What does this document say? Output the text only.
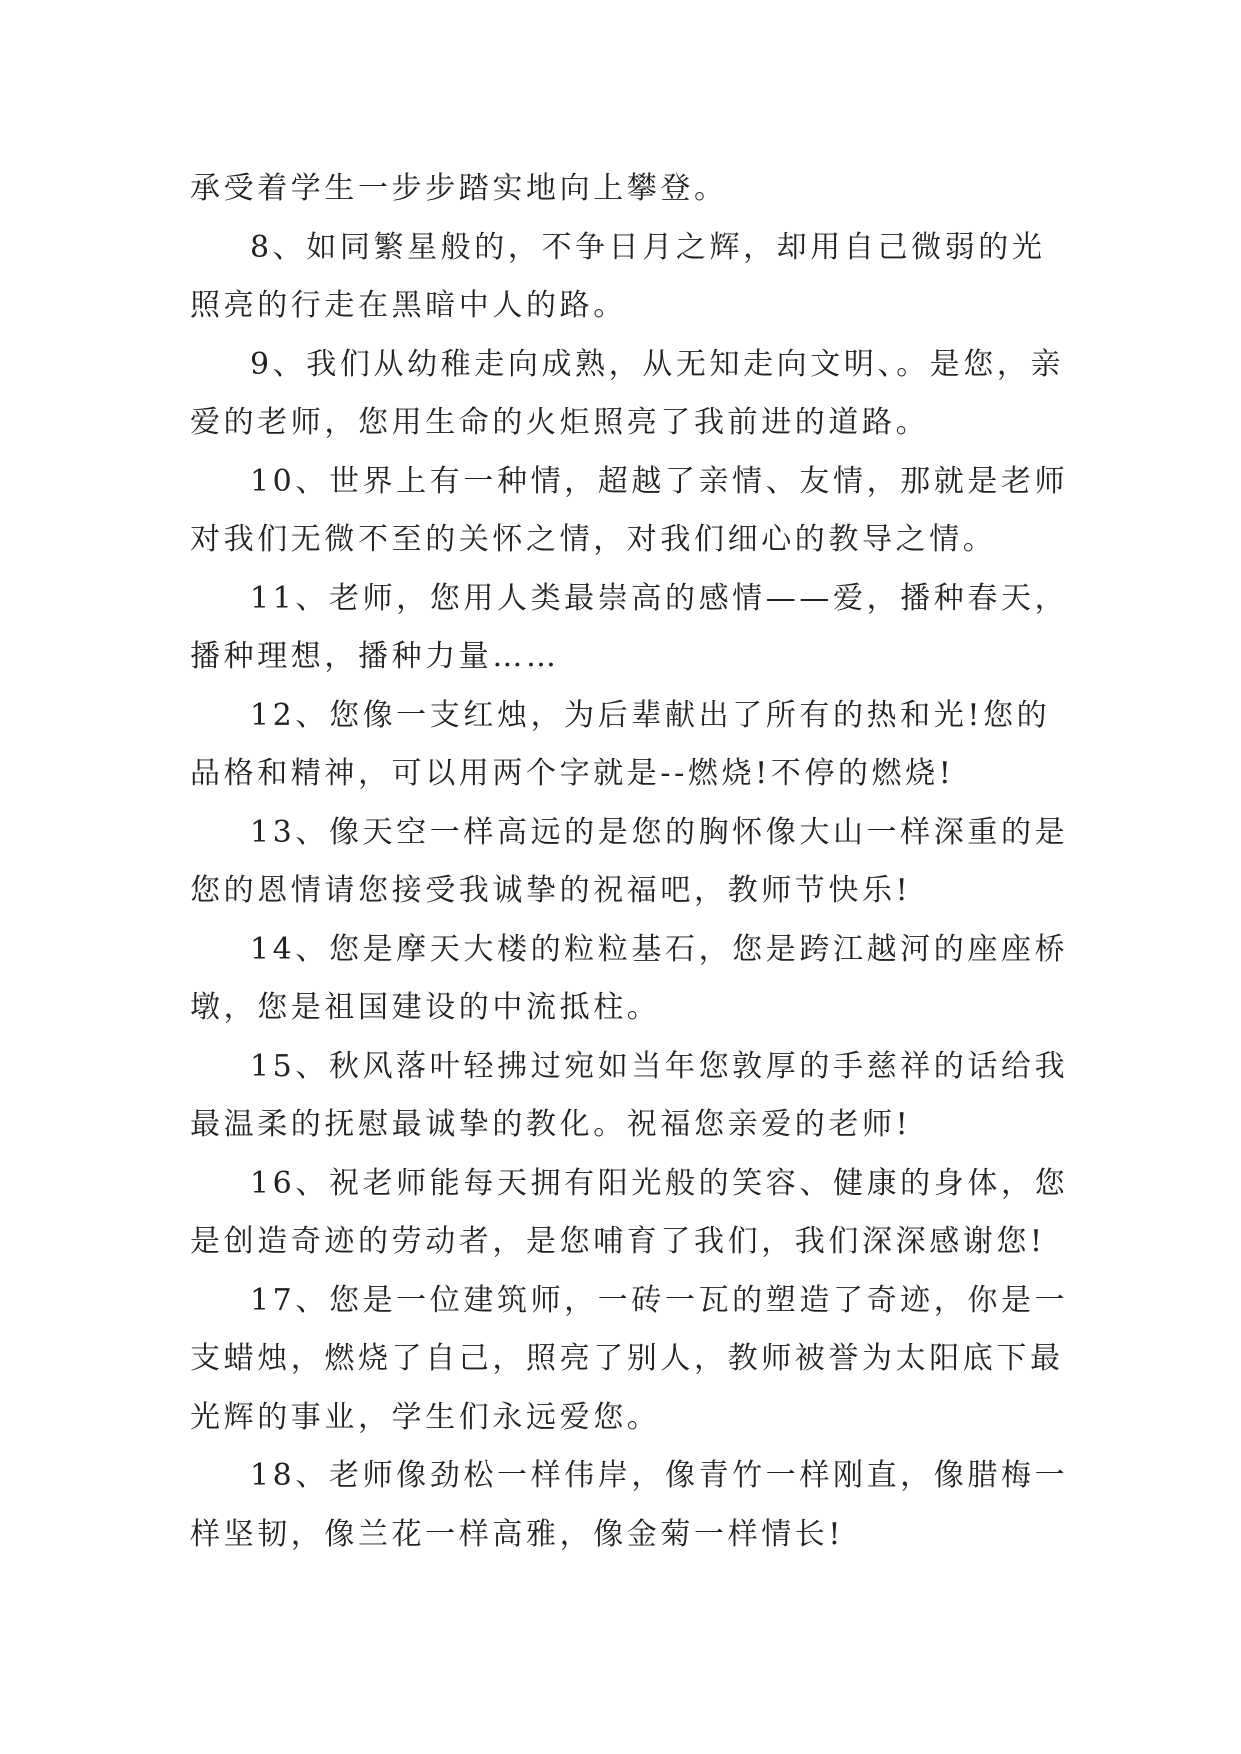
承受着学生一步步踏实地向上攀登。
8、如同繁星般的，不争日月之辉，却用自己微弱的光
照亮的行走在黑暗中人的路。
9、我们从幼稚走向成熟，从无知走向文明、。是您，亲
爱的老师，您用生命的火炬照亮了我前进的道路。
10、世界上有一种情，超越了亲情、友情，那就是老师
对我们无微不至的关怀之情，对我们细心的教导之情。
11、老师，您用人类最崇高的感情——爱，播种春天，
播种理想，播种力量……
12、您像一支红烛，为后辈献出了所有的热和光!您的
品格和精神，可以用两个字就是--燃烧!不停的燃烧!
13、像天空一样高远的是您的胸怀像大山一样深重的是
您的恩情请您接受我诚挚的祝福吧，教师节快乐!
14、您是摩天大楼的粒粒基石，您是跨江越河的座座桥
墩，您是祖国建设的中流抵柱。
15、秋风落叶轻拂过宛如当年您敦厚的手慈祥的话给我
最温柔的抚慰最诚挚的教化。祝福您亲爱的老师!
16、祝老师能每天拥有阳光般的笑容、健康的身体，您
是创造奇迹的劳动者，是您哺育了我们，我们深深感谢您!
17、您是一位建筑师，一砖一瓦的塑造了奇迹，你是一
支蜡烛，燃烧了自己，照亮了别人，教师被誉为太阳底下最
光辉的事业，学生们永远爱您。
18、老师像劲松一样伟岸，像青竹一样刚直，像腊梅一
样坚韧，像兰花一样高雅，像金菊一样情长!
